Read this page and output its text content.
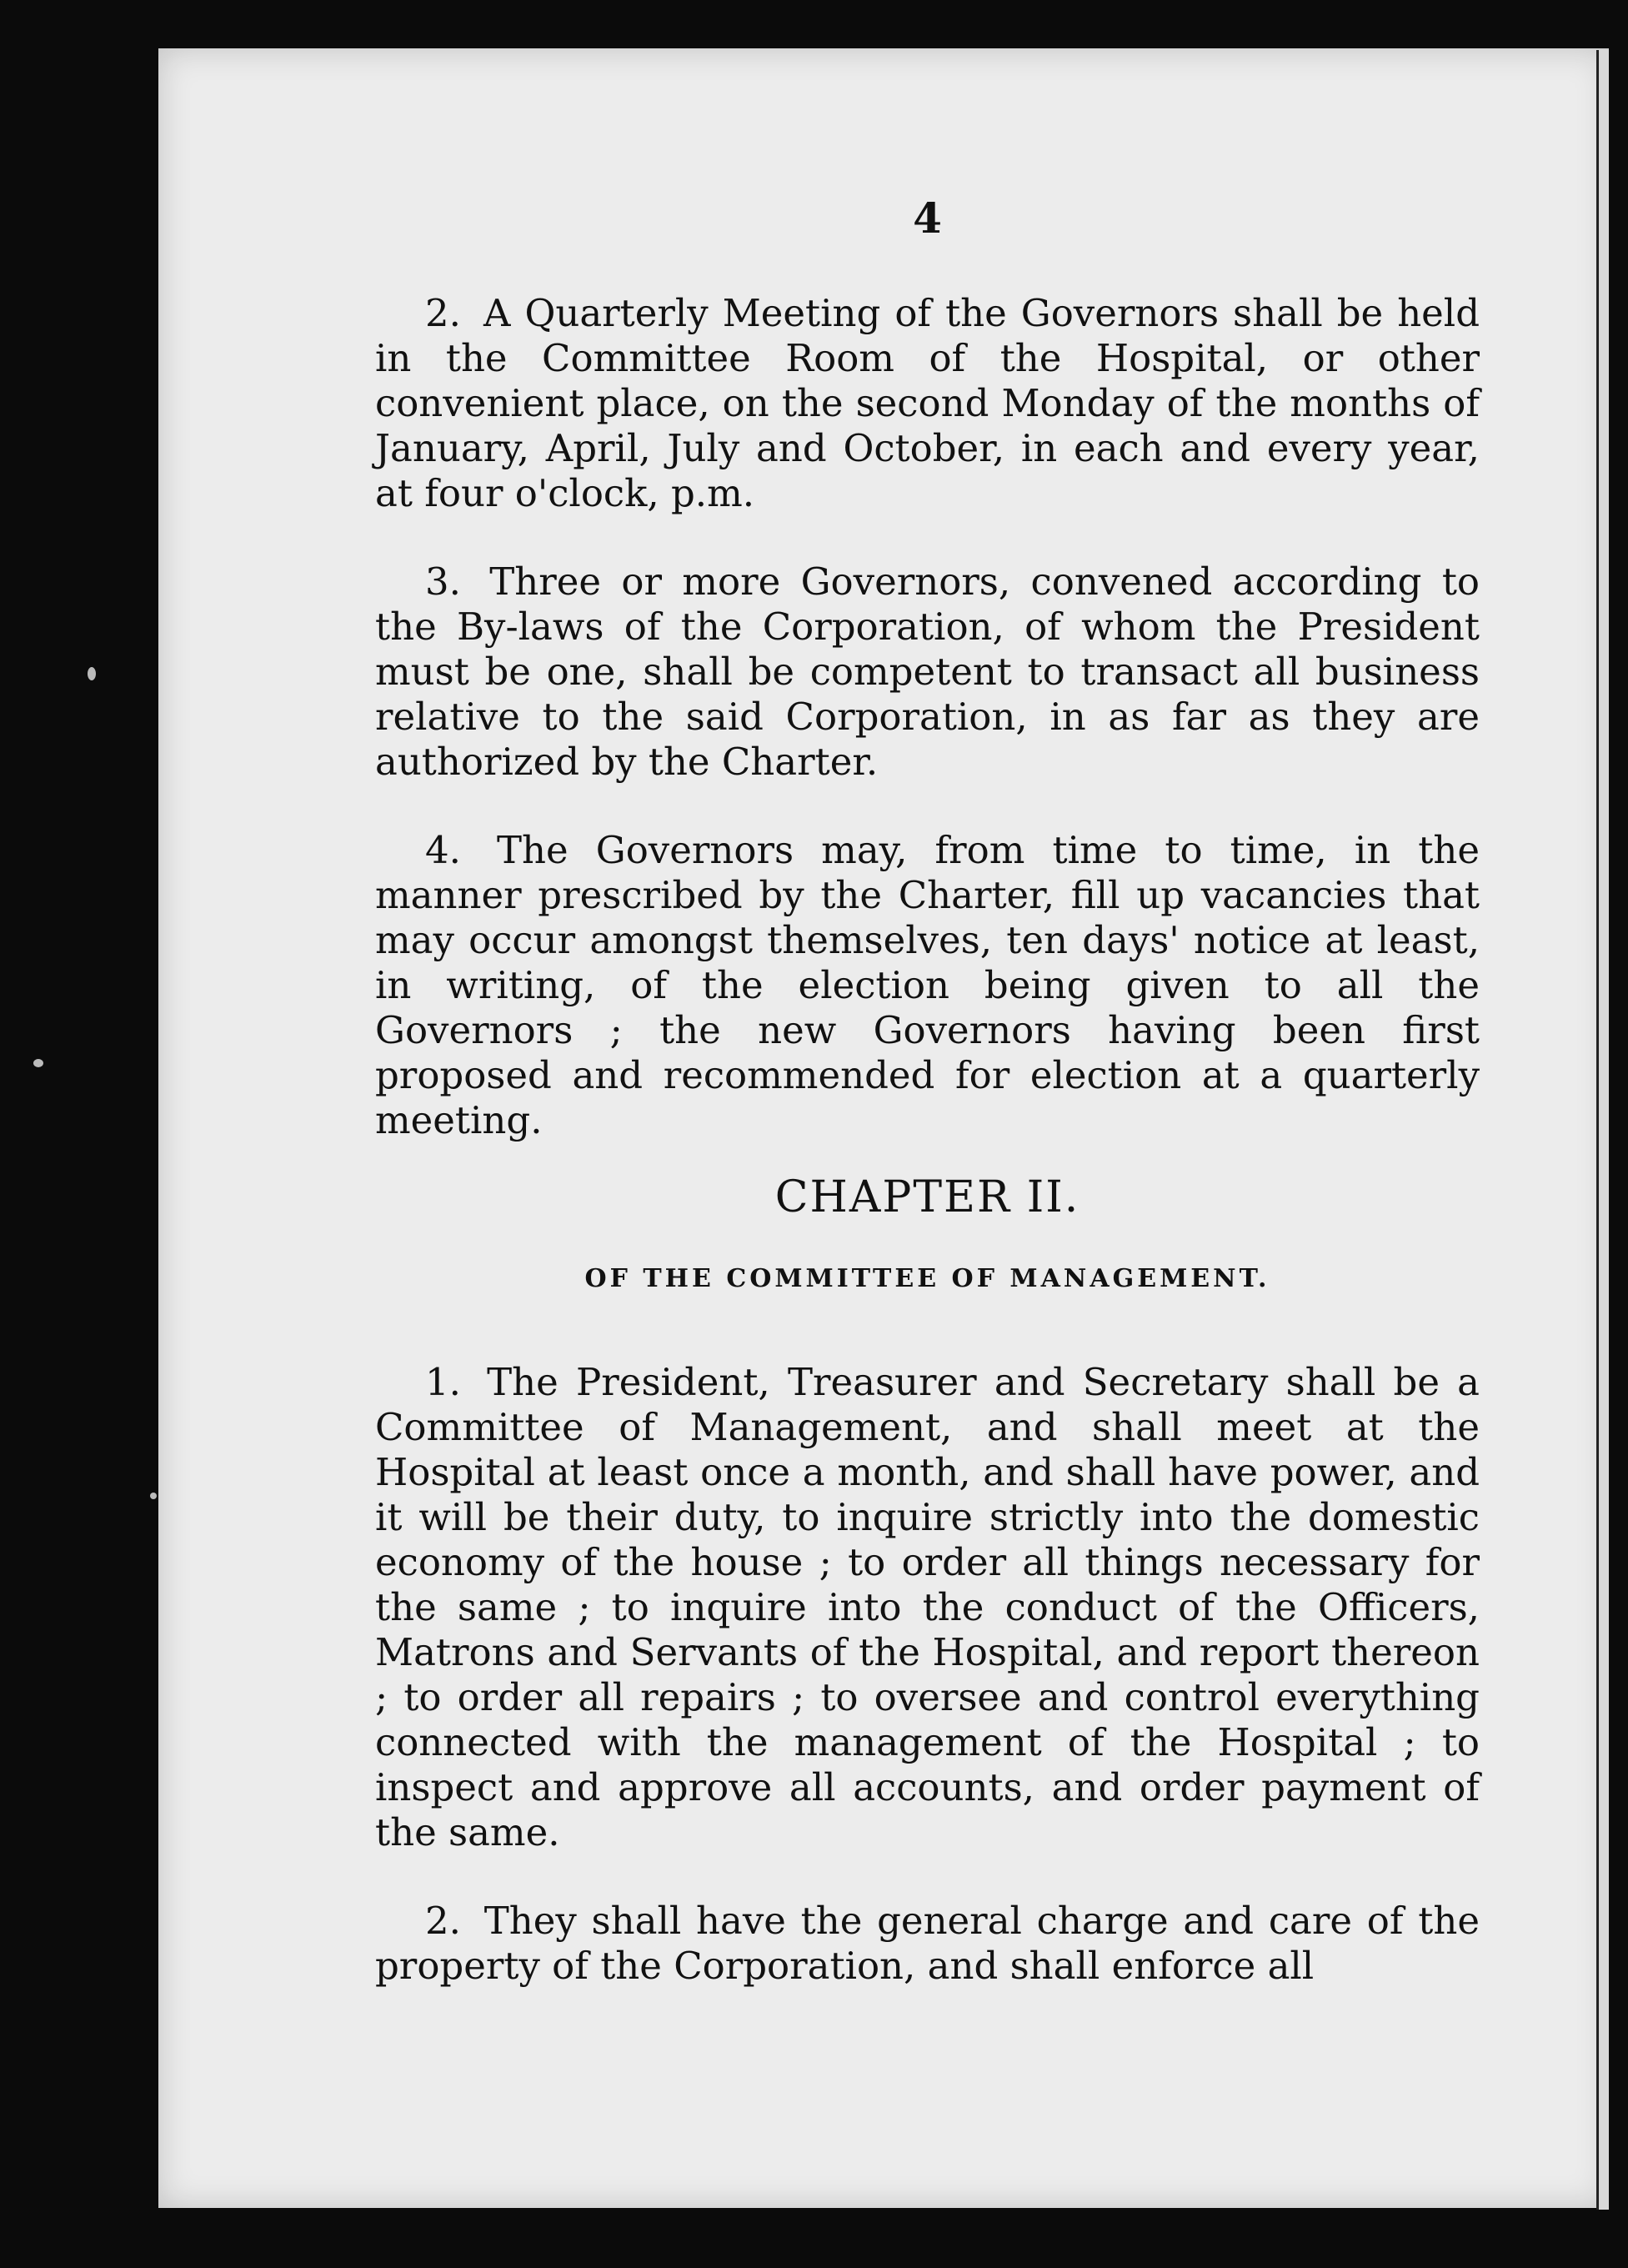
4

2. A Quarterly Meeting of the Governors shall be held in the Committee Room of the Hospital, or other convenient place, on the second Monday of the months of January, April, July and October, in each and every year, at four o'clock, p.m.

3. Three or more Governors, convened according to the By-laws of the Corporation, of whom the President must be one, shall be competent to transact all business relative to the said Corporation, in as far as they are authorized by the Charter.

4. The Governors may, from time to time, in the manner prescribed by the Charter, fill up vacancies that may occur amongst themselves, ten days' notice at least, in writing, of the election being given to all the Governors ; the new Governors having been first proposed and recommended for election at a quarterly meeting.

CHAPTER II.
OF THE COMMITTEE OF MANAGEMENT.

1. The President, Treasurer and Secretary shall be a Committee of Management, and shall meet at the Hospital at least once a month, and shall have power, and it will be their duty, to inquire strictly into the domestic economy of the house ; to order all things necessary for the same ; to inquire into the conduct of the Officers, Matrons and Servants of the Hospital, and report thereon ; to order all repairs ; to oversee and control everything connected with the management of the Hospital ; to inspect and approve all accounts, and order payment of the same.

2. They shall have the general charge and care of the property of the Corporation, and shall enforce all
